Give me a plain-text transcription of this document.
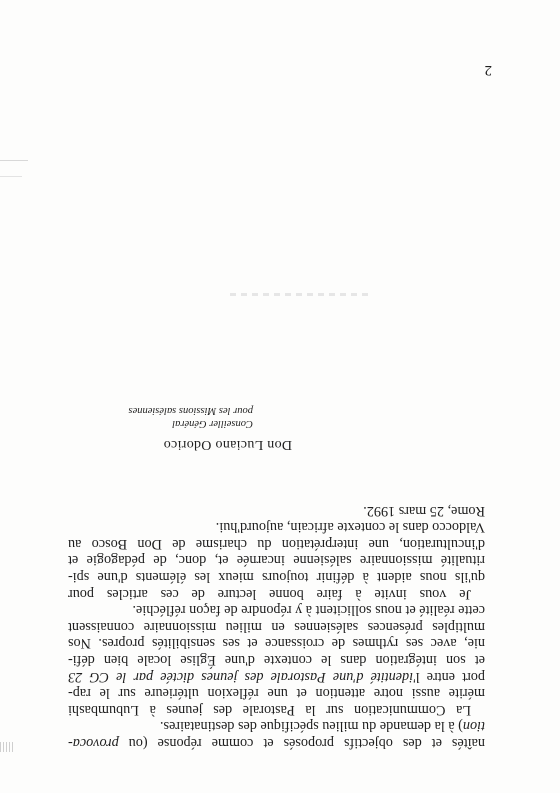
2

naîtés et des objectifs proposés et comme réponse (ou provoca-

tion) à la demande du milieu spécifique des destinataires.

La Communication sur la Pastorale des jeunes à Lubumbashi

mérite aussi notre attention et une réflexion ultérieure sur le rap-

port entre l'identité d'une Pastorale des jeunes dictée par le CG 23

et son intégration dans le contexte d'une Église locale bien défi-

nie, avec ses rythmes de croissance et ses sensibilités propres. Nos

multiples présences salésiennes en milieu missionnaire connaissent

cette réalité et nous sollicitent à y répondre de façon réfléchie.

Je vous invite à faire bonne lecture de ces articles pour

qu'ils nous aident à définir toujours mieux les éléments d'une spi-

ritualité missionnaire salésienne incarnée et, donc, de pédagogie et

d'inculturation, une interprétation du charisme de Don Bosco au

Valdocco dans le contexte africain, aujourd'hui.

Rome, 25 mars 1992.

Don Luciano Odorico
Conseiller Général
pour les Missions salésiennes
